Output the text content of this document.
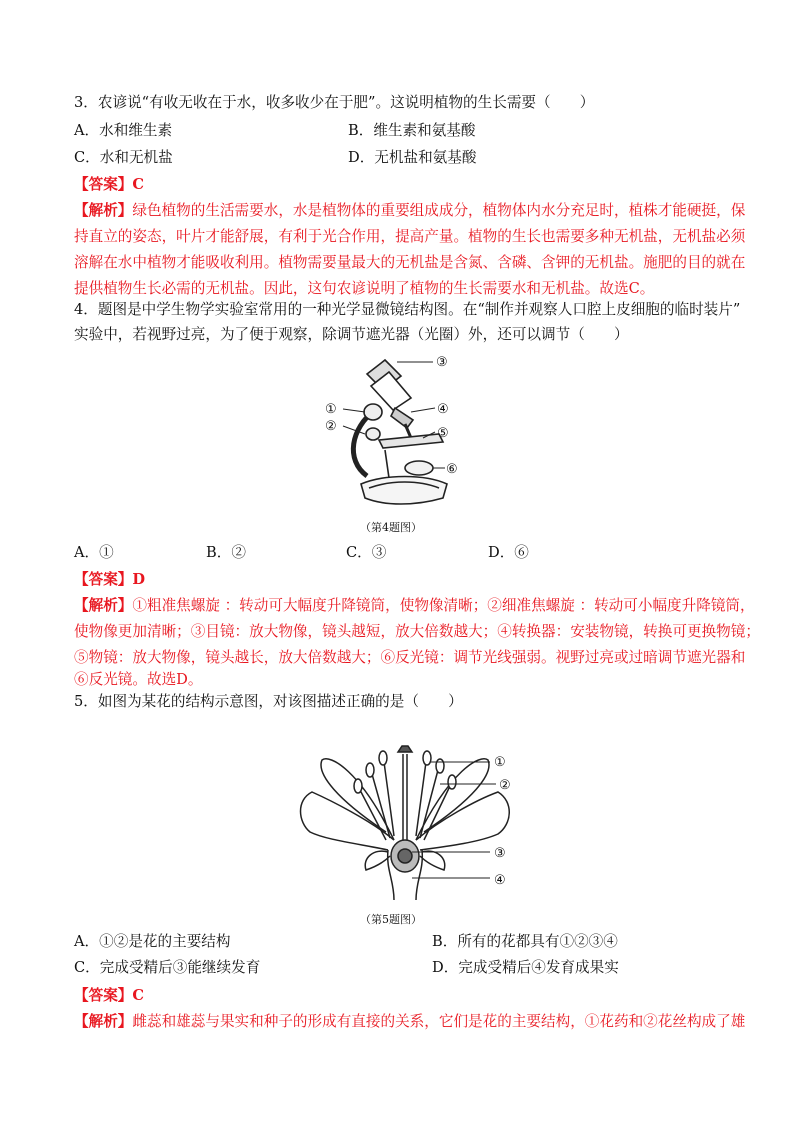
3．农谚说“有收无收在于水，收多收少在于肥”。这说明植物的生长需要（　　）
A．水和维生素	B．维生素和氨基酸
C．水和无机盐	D．无机盐和氨基酸
【答案】C
【解析】绿色植物的生活需要水，水是植物体的重要组成成分，植物体内水分充足时，植株才能硬挺，保
持直立的姿态，叶片才能舒展，有利于光合作用，提高产量。植物的生长也需要多种无机盐，无机盐必须
溶解在水中植物才能吸收利用。植物需要量最大的无机盐是含氮、含磷、含钾的无机盐。施肥的目的就在
提供植物生长必需的无机盐。因此，这句农谚说明了植物的生长需要水和无机盐。故选C。
4．题图是中学生物学实验室常用的一种光学显微镜结构图。在“制作并观察人口腔上皮细胞的临时装片”
实验中，若视野过亮，为了便于观察，除调节遮光器（光圈）外，还可以调节（　　）
①
②
③
④
⑤
⑥
（第4题图）
A．①	B．②	C．③	D．⑥
【答案】D
【解析】①粗准焦螺旋 ：转动可大幅度升降镜筒，使物像清晰；②细准焦螺旋 ：转动可小幅度升降镜筒，
使物像更加清晰；③目镜：放大物像，镜头越短，放大倍数越大；④转换器：安装物镜，转换可更换物镜；
⑤物镜：放大物像，镜头越长，放大倍数越大；⑥反光镜：调节光线强弱。视野过亮或过暗调节遮光器和
⑥反光镜。故选D。
5．如图为某花的结构示意图，对该图描述正确的是（　　）
①
②
③
④
（第5题图）
A．①②是花的主要结构	B．所有的花都具有①②③④
C．完成受精后③能继续发育	D．完成受精后④发育成果实
【答案】C
【解析】雌蕊和雄蕊与果实和种子的形成有直接的关系，它们是花的主要结构，①花药和②花丝构成了雄
